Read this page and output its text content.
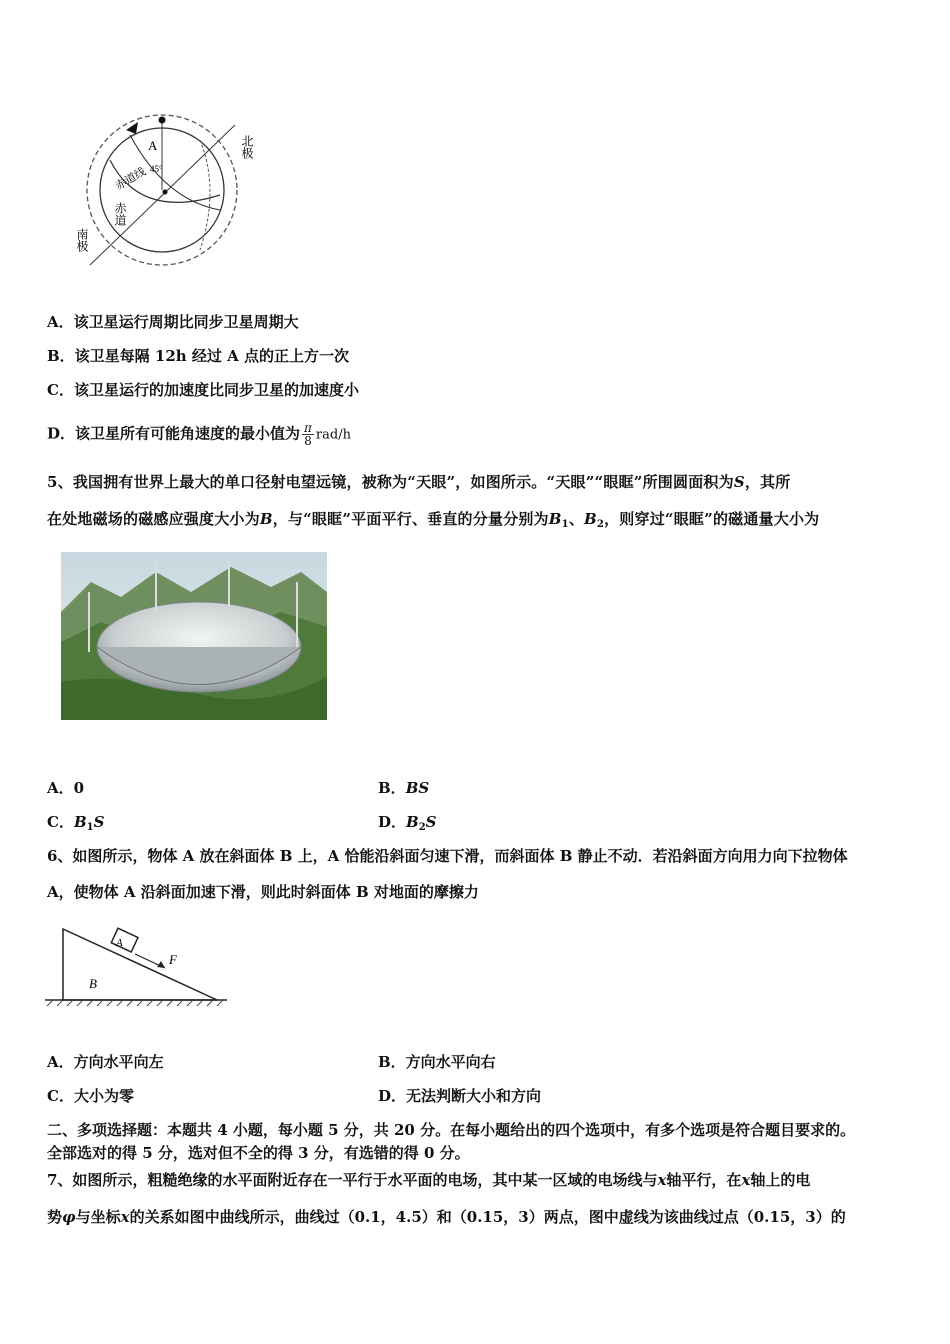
A
45°
赤道线
北极
南极
赤道
A．该卫星运行周期比同步卫星周期大
B．该卫星每隔 12h 经过 A 点的正上方一次
C．该卫星运行的加速度比同步卫星的加速度小
D．该卫星所有可能角速度的最小值为 $\frac{\pi}{8} rad/h$
5、我国拥有世界上最大的单口径射电望远镜，被称为“天眼”，如图所示。“天眼”“眼眶”所围圆面积为S，其所
在处地磁场的磁感应强度大小为B，与“眼眶”平面平行、垂直的分量分别为$B_1$、$B_2$，则穿过“眼眶”的磁通量大小为
A．0	B．BS
C．$B_1S$	D．$B_2S$
6、如图所示，物体 A 放在斜面体 B 上，A 恰能沿斜面匀速下滑，而斜面体 B 静止不动．若沿斜面方向用力向下拉物体
A，使物体 A 沿斜面加速下滑，则此时斜面体 B 对地面的摩擦力
A
F
B
A．方向水平向左	B．方向水平向右
C．大小为零	D．无法判断大小和方向
二、多项选择题：本题共 4 小题，每小题 5 分，共 20 分。在每小题给出的四个选项中，有多个选项是符合题目要求的。
全部选对的得 5 分，选对但不全的得 3 分，有选错的得 0 分。
7、如图所示，粗糙绝缘的水平面附近存在一平行于水平面的电场，其中某一区域的电场线与x轴平行，在x轴上的电
势φ与坐标x的关系如图中曲线所示，曲线过（0.1，4.5）和（0.15，3）两点，图中虚线为该曲线过点（0.15，3）的
